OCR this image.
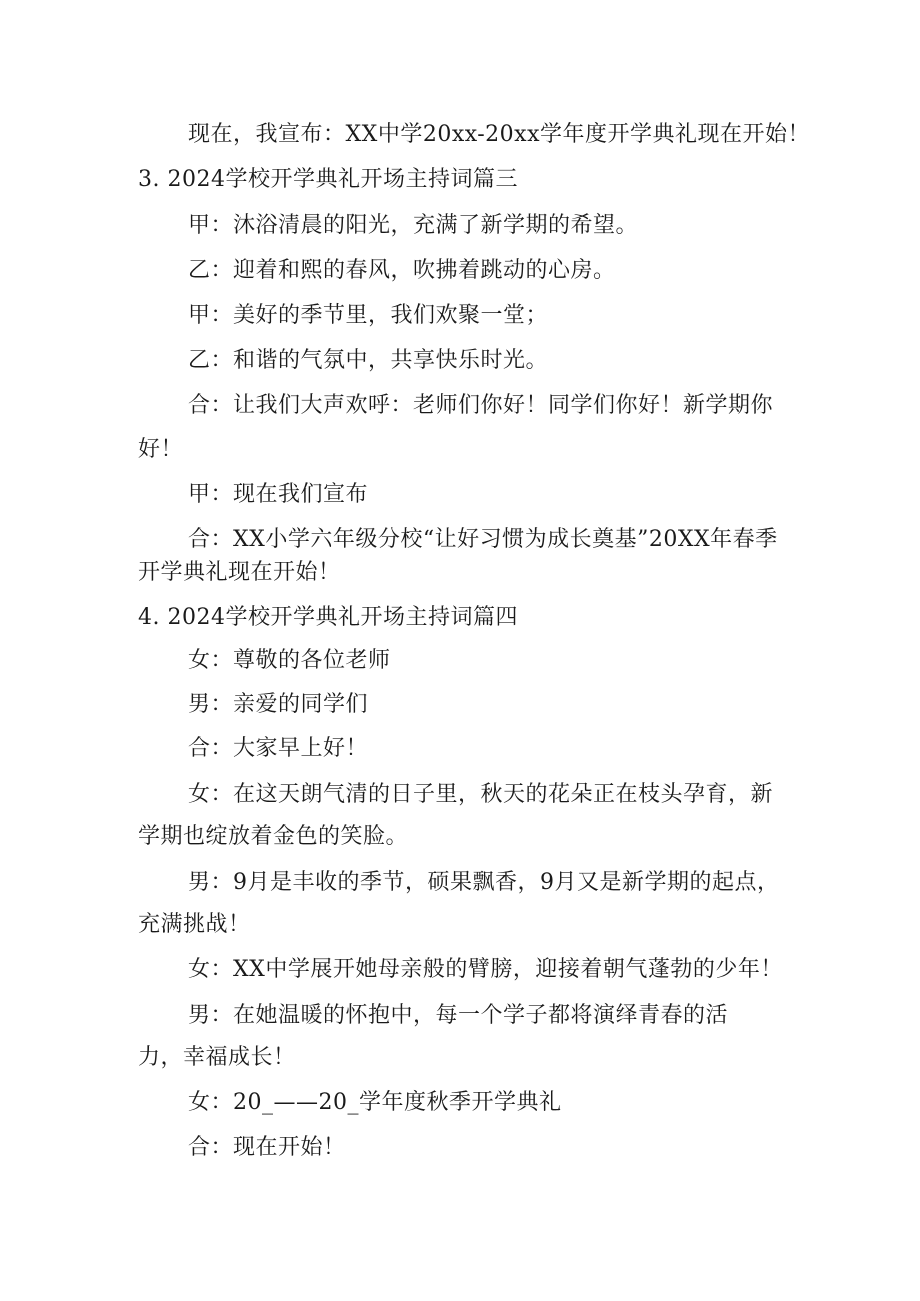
现在，我宣布：XX中学20xx-20xx学年度开学典礼现在开始！
3. 2024学校开学典礼开场主持词篇三
甲：沐浴清晨的阳光，充满了新学期的希望。
乙：迎着和熙的春风，吹拂着跳动的心房。
甲：美好的季节里，我们欢聚一堂；
乙：和谐的气氛中，共享快乐时光。
合：让我们大声欢呼：老师们你好！同学们你好！新学期你
好！
甲：现在我们宣布
合：XX小学六年级分校“让好习惯为成长奠基”20XX年春季
开学典礼现在开始！
4. 2024学校开学典礼开场主持词篇四
女：尊敬的各位老师
男：亲爱的同学们
合：大家早上好！
女：在这天朗气清的日子里，秋天的花朵正在枝头孕育，新
学期也绽放着金色的笑脸。
男：9月是丰收的季节，硕果飘香，9月又是新学期的起点，
充满挑战！
女：XX中学展开她母亲般的臂膀，迎接着朝气蓬勃的少年！
男：在她温暖的怀抱中，每一个学子都将演绎青春的活
力，幸福成长！
女：20_——20_学年度秋季开学典礼
合：现在开始！
